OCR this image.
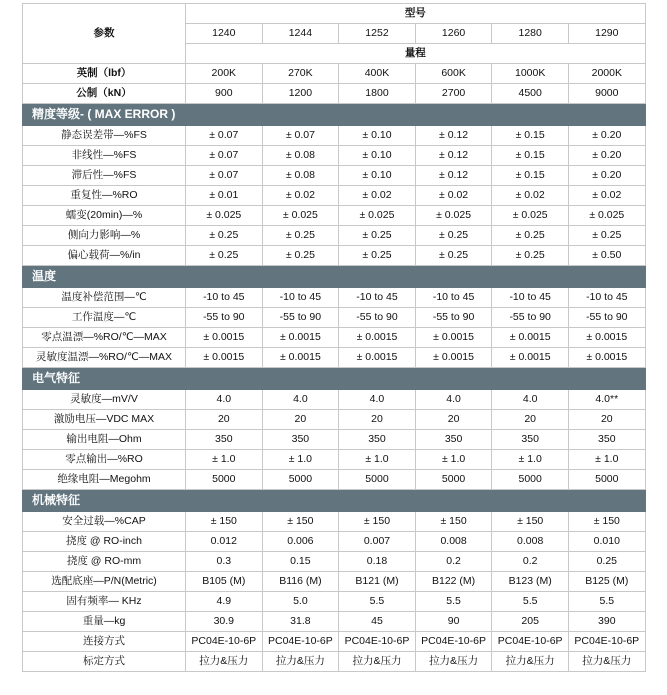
参数	型号					
	1240	1244	1252	1260	1280	1290
	量程					
英制（lbf）	200K	270K	400K	600K	1000K	2000K
公制（kN）	900	1200	1800	2700	4500	9000
精度等级- ( MAX ERROR )						
静态误差带—%FS	± 0.07	± 0.07	± 0.10	± 0.12	± 0.15	± 0.20
非线性—%FS	± 0.07	± 0.08	± 0.10	± 0.12	± 0.15	± 0.20
滞后性—%FS	± 0.07	± 0.08	± 0.10	± 0.12	± 0.15	± 0.20
重复性—%RO	± 0.01	± 0.02	± 0.02	± 0.02	± 0.02	± 0.02
蠕变(20min)—%	± 0.025	± 0.025	± 0.025	± 0.025	± 0.025	± 0.025
侧向力影响—%	± 0.25	± 0.25	± 0.25	± 0.25	± 0.25	± 0.25
偏心载荷—%/in	± 0.25	± 0.25	± 0.25	± 0.25	± 0.25	± 0.50
温度						
温度补偿范围—℃	-10 to 45	-10 to 45	-10 to 45	-10 to 45	-10 to 45	-10 to 45
工作温度—℃	-55 to 90	-55 to 90	-55 to 90	-55 to 90	-55 to 90	-55 to 90
零点温漂—%RO/℃—MAX	± 0.0015	± 0.0015	± 0.0015	± 0.0015	± 0.0015	± 0.0015
灵敏度温漂—%RO/℃—MAX	± 0.0015	± 0.0015	± 0.0015	± 0.0015	± 0.0015	± 0.0015
电气特征						
灵敏度—mV/V	4.0	4.0	4.0	4.0	4.0	4.0**
激励电压—VDC MAX	20	20	20	20	20	20
输出电阻—Ohm	350	350	350	350	350	350
零点输出—%RO	± 1.0	± 1.0	± 1.0	± 1.0	± 1.0	± 1.0
绝缘电阻—Megohm	5000	5000	5000	5000	5000	5000
机械特征						
安全过载—%CAP	± 150	± 150	± 150	± 150	± 150	± 150
挠度 @ RO-inch	0.012	0.006	0.007	0.008	0.008	0.010
挠度 @ RO-mm	0.3	0.15	0.18	0.2	0.2	0.25
选配底座—P/N(Metric)	B105 (M)	B116 (M)	B121 (M)	B122 (M)	B123 (M)	B125 (M)
固有频率— KHz	4.9	5.0	5.5	5.5	5.5	5.5
重量—kg	30.9	31.8	45	90	205	390
连接方式	PC04E-10-6P	PC04E-10-6P	PC04E-10-6P	PC04E-10-6P	PC04E-10-6P	PC04E-10-6P
标定方式	拉力&压力	拉力&压力	拉力&压力	拉力&压力	拉力&压力	拉力&压力
